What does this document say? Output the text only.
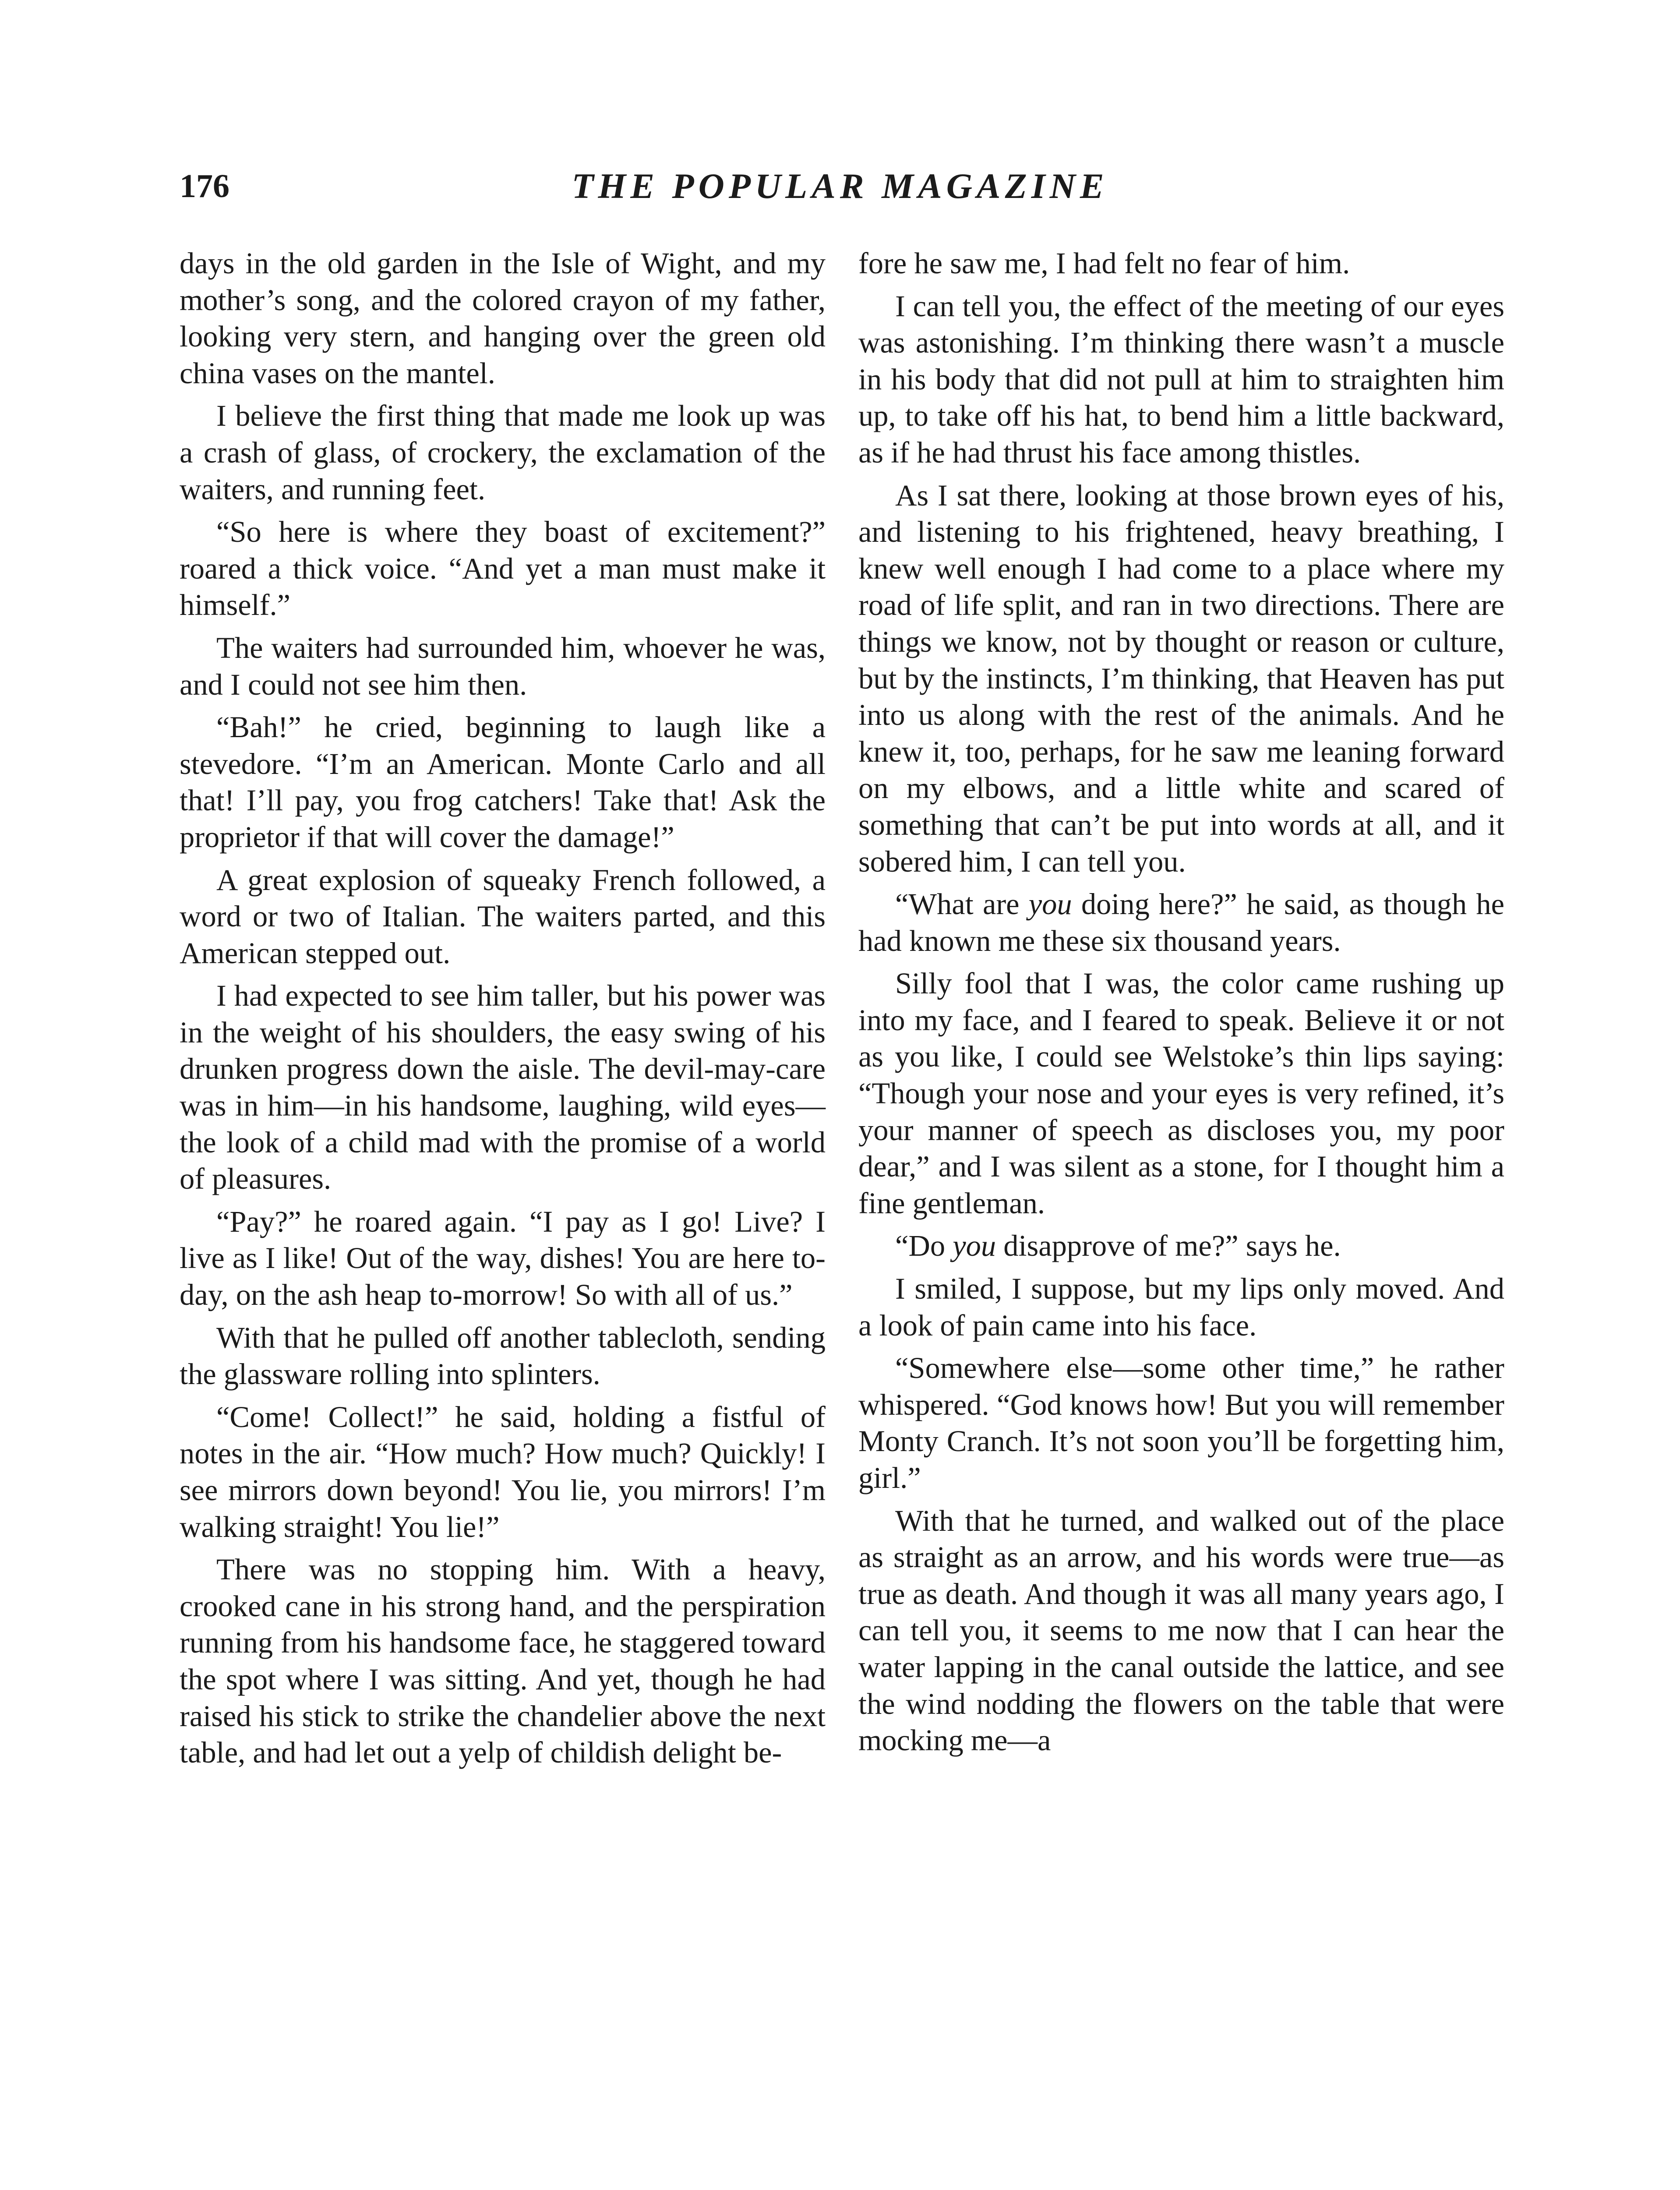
176	THE POPULAR MAGAZINE

days in the old garden in the Isle of Wight, and my mother’s song, and the colored crayon of my father, looking very stern, and hanging over the green old china vases on the mantel.

I believe the first thing that made me look up was a crash of glass, of crockery, the exclamation of the waiters, and running feet.

“So here is where they boast of excitement?” roared a thick voice. “And yet a man must make it himself.”

The waiters had surrounded him, whoever he was, and I could not see him then.

“Bah!” he cried, beginning to laugh like a stevedore. “I’m an American. Monte Carlo and all that! I’ll pay, you frog catchers! Take that! Ask the proprietor if that will cover the damage!”

A great explosion of squeaky French followed, a word or two of Italian. The waiters parted, and this American stepped out.

I had expected to see him taller, but his power was in the weight of his shoulders, the easy swing of his drunken progress down the aisle. The devil-may-care was in him—in his handsome, laughing, wild eyes—the look of a child mad with the promise of a world of pleasures.

“Pay?” he roared again. “I pay as I go! Live? I live as I like! Out of the way, dishes! You are here to-day, on the ash heap to-morrow! So with all of us.”

With that he pulled off another tablecloth, sending the glassware rolling into splinters.

“Come! Collect!” he said, holding a fistful of notes in the air. “How much? How much? Quickly! I see mirrors down beyond! You lie, you mirrors! I’m walking straight! You lie!”

There was no stopping him. With a heavy, crooked cane in his strong hand, and the perspiration running from his handsome face, he staggered toward the spot where I was sitting. And yet, though he had raised his stick to strike the chandelier above the next table, and had let out a yelp of childish delight be-

fore he saw me, I had felt no fear of him.

I can tell you, the effect of the meeting of our eyes was astonishing. I’m thinking there wasn’t a muscle in his body that did not pull at him to straighten him up, to take off his hat, to bend him a little backward, as if he had thrust his face among thistles.

As I sat there, looking at those brown eyes of his, and listening to his frightened, heavy breathing, I knew well enough I had come to a place where my road of life split, and ran in two directions. There are things we know, not by thought or reason or culture, but by the instincts, I’m thinking, that Heaven has put into us along with the rest of the animals. And he knew it, too, perhaps, for he saw me leaning forward on my elbows, and a little white and scared of something that can’t be put into words at all, and it sobered him, I can tell you.

“What are you doing here?” he said, as though he had known me these six thousand years.

Silly fool that I was, the color came rushing up into my face, and I feared to speak. Believe it or not as you like, I could see Welstoke’s thin lips saying: “Though your nose and your eyes is very refined, it’s your manner of speech as discloses you, my poor dear,” and I was silent as a stone, for I thought him a fine gentleman.

“Do you disapprove of me?” says he.

I smiled, I suppose, but my lips only moved. And a look of pain came into his face.

“Somewhere else—some other time,” he rather whispered. “God knows how! But you will remember Monty Cranch. It’s not soon you’ll be forgetting him, girl.”

With that he turned, and walked out of the place as straight as an arrow, and his words were true—as true as death. And though it was all many years ago, I can tell you, it seems to me now that I can hear the water lapping in the canal outside the lattice, and see the wind nodding the flowers on the table that were mocking me—a
